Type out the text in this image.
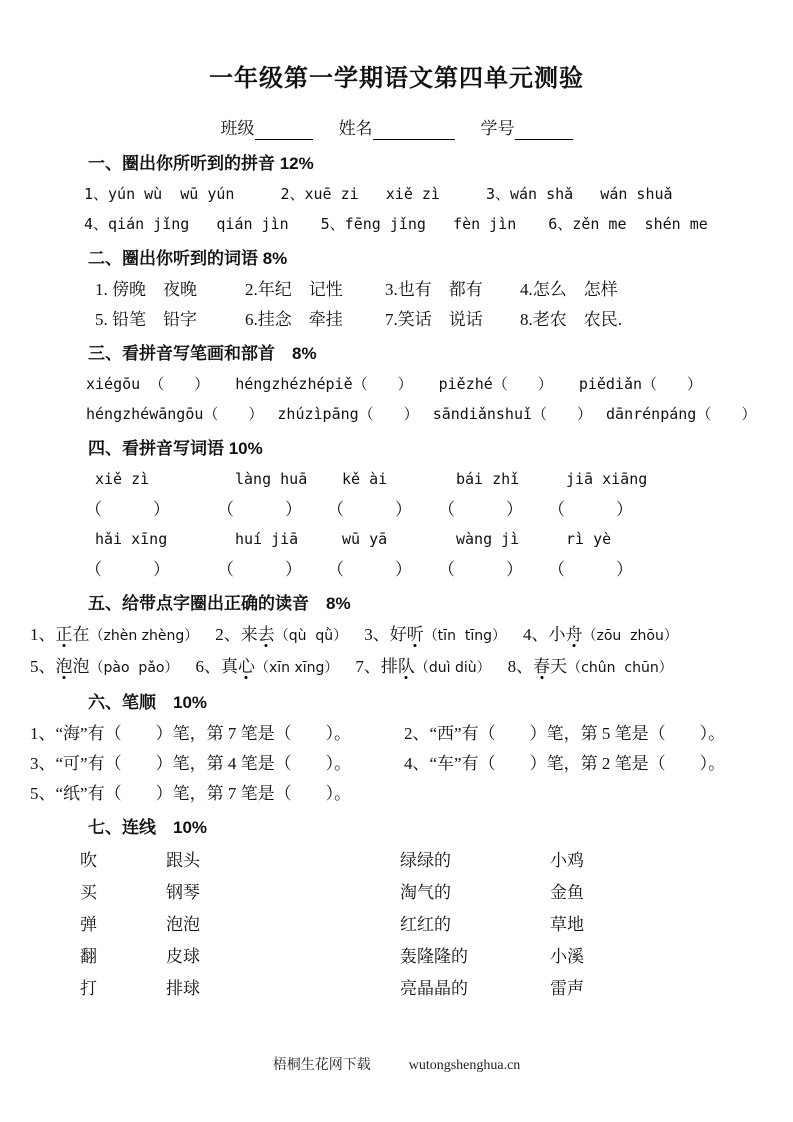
一年级第一学期语文第四单元测验
班级	姓名	学号
一、圈出你所听到的拼音 12%
1、yún wù  wū yún	2、xuē zi   xiě zì	3、wán shǎ   wán shuǎ
4、qián jǐng   qián jìn 5、fēng jǐng   fèn jìn 6、zěn me  shén me
二、圈出你听到的词语 8%
1. 傍晚　夜晚	2.年纪　记性	3.也有　都有	4.怎么　怎样
5. 铅笔　铅字	6.挂念　牵挂	7.笑话　说话	8.老农　农民.
三、看拼音写笔画和部首　8%
xiégōu （　　） héngzhézhépiě（　　） piězhé（　　） piědiǎn（　　）
héngzhéwāngōu（　　） zhúzìpāng（　　） sāndiǎnshuǐ（　　） dānrénpáng（　　）
四、看拼音写词语 10%
xiě zì	làng huā	kě ài	bái zhǐ	jiā xiāng
（　　　）	（　　　）	（　　　）	（　　　）	（　　　）
hǎi xīng	huí jiā	wū yā	wàng jì	rì yè
（　　　）	（　　　）	（　　　）	（　　　）	（　　　）
五、给带点字圈出正确的读音　8%
1、正在（zhèn zhèng） 2、来去（qù  qǜ） 3、好听（tīn  tīng） 4、小舟（zōu  zhōu）
5、泡泡（pào  pǎo） 6、真心（xīn xīng） 7、排队（duì diù） 8、春天（chûn  chūn）
六、笔顺　10%
1、“海”有（　　）笔，第 7 笔是（　　）。	2、“西”有（　　）笔，第 5 笔是（　　）。
3、“可”有（　　）笔，第 4 笔是（　　）。	4、“车”有（　　）笔，第 2 笔是（　　）。
5、“纸”有（　　）笔，第 7 笔是（　　）。
七、连线　10%
吹	跟头	绿绿的	小鸡
买	钢琴	淘气的	金鱼
弹	泡泡	红红的	草地
翻	皮球	轰隆隆的	小溪
打	排球	亮晶晶的	雷声
梧桐生花网下载	wutongshenghua.cn
